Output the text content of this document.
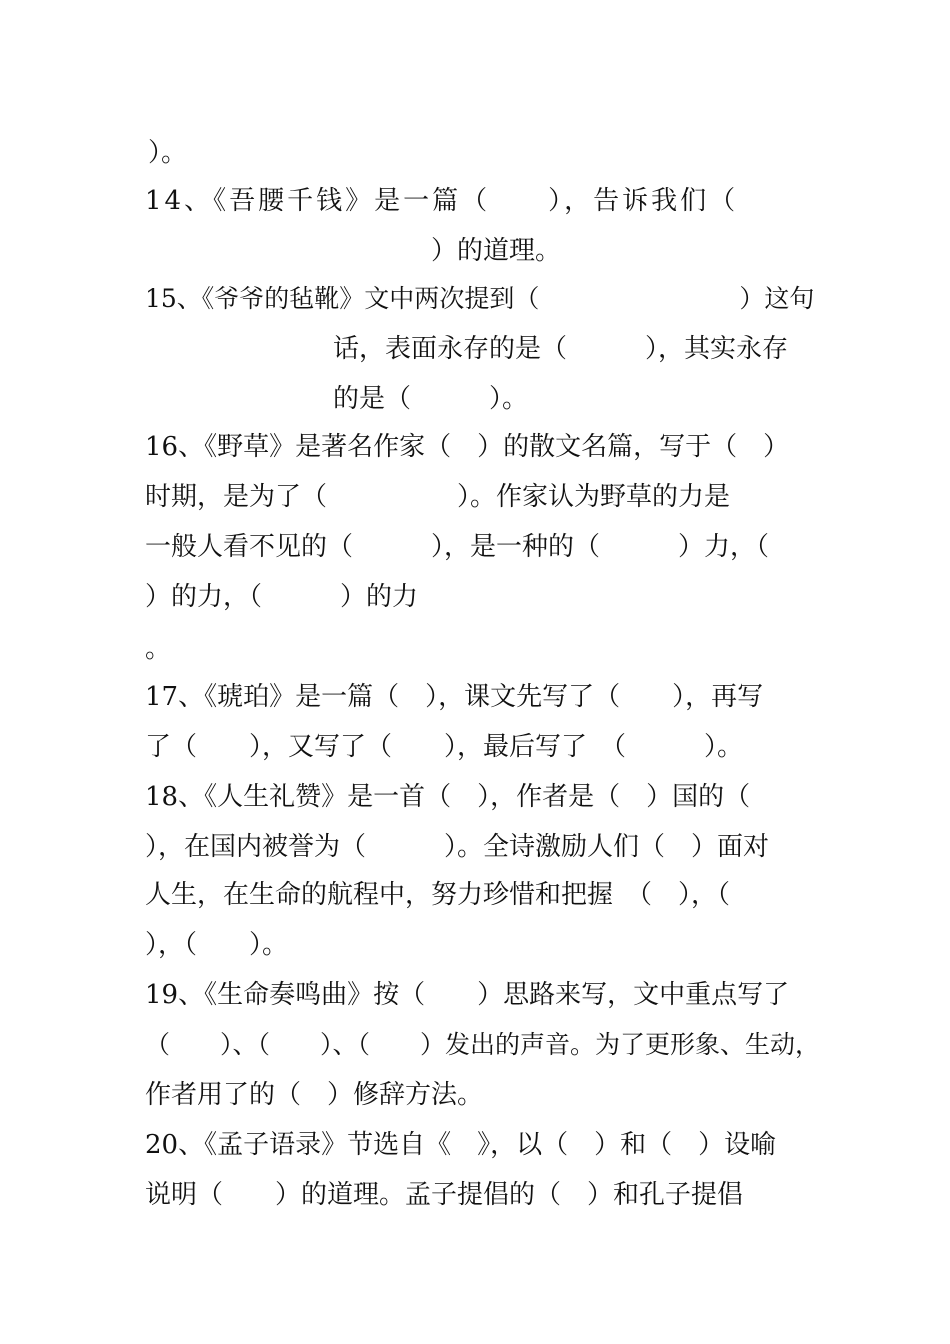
）。
14、《吾腰千钱》是一篇（　　），告诉我们（
　　　　　　　　　　　）的道理。
15、《爷爷的毡靴》文中两次提到（　　　　　　　　）这句
话，表面永存的是（　　　），其实永存
的是（　　　）。
16、《野草》是著名作家（　）的散文名篇，写于（　）
时期，是为了（　　　　　）。作家认为野草的力是
一般人看不见的（　　　），是一种的（　　　）力，（
）的力，（　　　）的力
。
17、《琥珀》是一篇（　），课文先写了（　　），再写
了（　　），又写了（　　），最后写了　（　　　）。
18、《人生礼赞》是一首（　），作者是（　）国的（
），在国内被誉为（　　　）。全诗激励人们（　）面对
人生，在生命的航程中，努力珍惜和把握　（　），（
），（　　）。
19、《生命奏鸣曲》按（　　）思路来写，文中重点写了
（　　）、（　　）、（　　）发出的声音。为了更形象、生动，
作者用了的（　）修辞方法。
20、《孟子语录》节选自《　》，以（　）和（　）设喻
说明（　　）的道理。孟子提倡的（　）和孔子提倡
